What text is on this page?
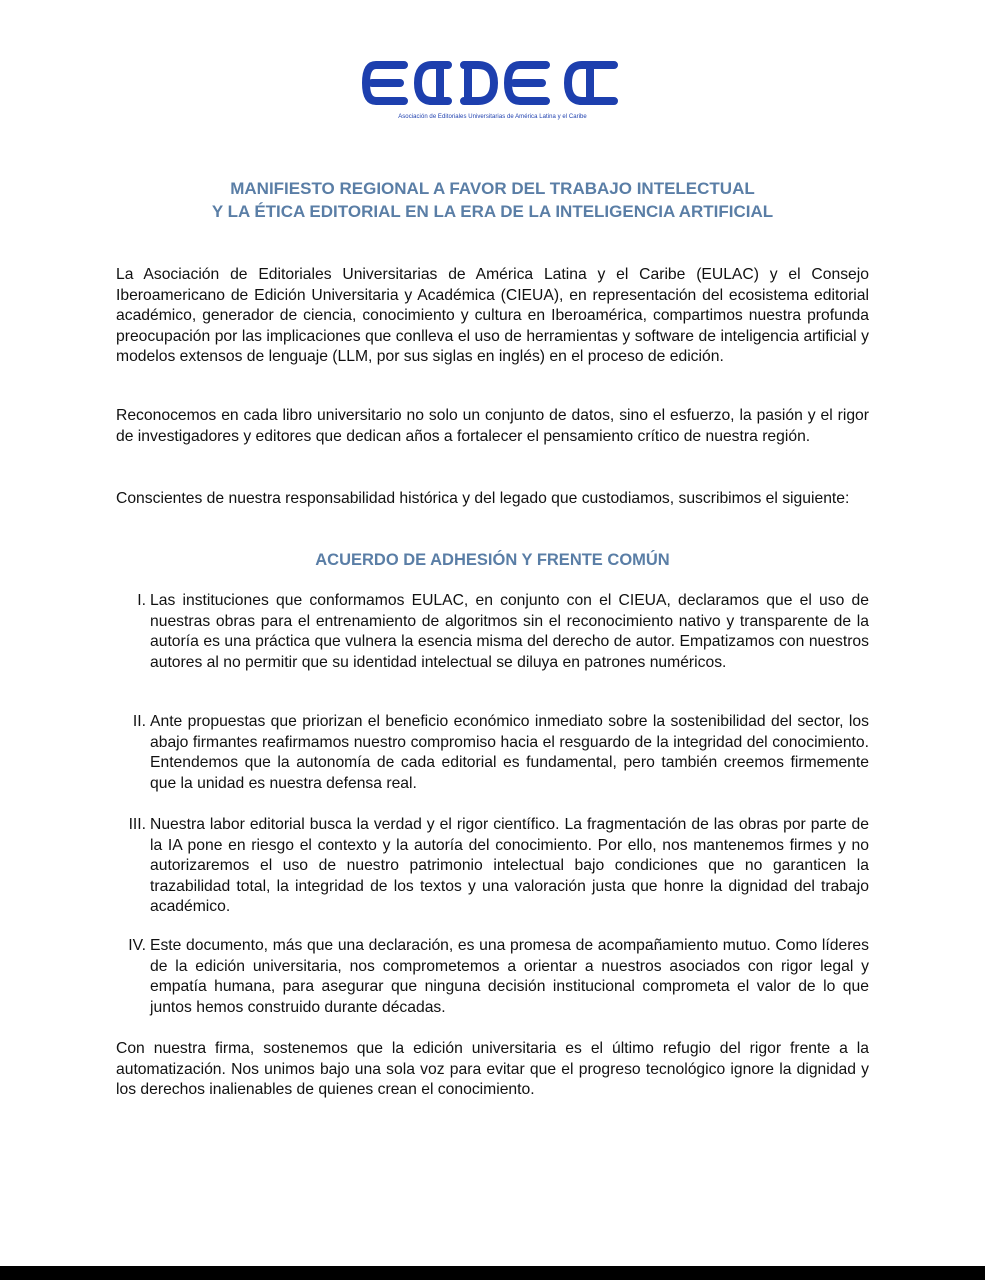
Asociación de Editoriales Universitarias de América Latina y el Caribe
MANIFIESTO REGIONAL A FAVOR DEL TRABAJO INTELECTUAL
Y LA ÉTICA EDITORIAL EN LA ERA DE LA INTELIGENCIA ARTIFICIAL

La Asociación de Editoriales Universitarias de América Latina y el Caribe (EULAC) y el Consejo Iberoamericano de Edición Universitaria y Académica (CIEUA), en representación del ecosistema editorial académico, generador de ciencia, conocimiento y cultura en Iberoamérica, compartimos nuestra profunda preocupación por las implicaciones que conlleva el uso de herramientas y software de inteligencia artificial y modelos extensos de lenguaje (LLM, por sus siglas en inglés) en el proceso de edición.

Reconocemos en cada libro universitario no solo un conjunto de datos, sino el esfuerzo, la pasión y el rigor de investigadores y editores que dedican años a fortalecer el pensamiento crítico de nuestra región.

Conscientes de nuestra responsabilidad histórica y del legado que custodiamos, suscribimos el siguiente:

ACUERDO DE ADHESIÓN Y FRENTE COMÚN
I. Las instituciones que conformamos EULAC, en conjunto con el CIEUA, declaramos que el uso de nuestras obras para el entrenamiento de algoritmos sin el reconocimiento nativo y transparente de la autoría es una práctica que vulnera la esencia misma del derecho de autor. Empatizamos con nuestros autores al no permitir que su identidad intelectual se diluya en patrones numéricos.
II. Ante propuestas que priorizan el beneficio económico inmediato sobre la sostenibilidad del sector, los abajo firmantes reafirmamos nuestro compromiso hacia el resguardo de la integridad del conocimiento. Entendemos que la autonomía de cada editorial es fundamental, pero también creemos firmemente que la unidad es nuestra defensa real.
III. Nuestra labor editorial busca la verdad y el rigor científico. La fragmentación de las obras por parte de la IA pone en riesgo el contexto y la autoría del conocimiento. Por ello, nos mantenemos firmes y no autorizaremos el uso de nuestro patrimonio intelectual bajo condiciones que no garanticen la trazabilidad total, la integridad de los textos y una valoración justa que honre la dignidad del trabajo académico.
IV. Este documento, más que una declaración, es una promesa de acompañamiento mutuo. Como líderes de la edición universitaria, nos comprometemos a orientar a nuestros asociados con rigor legal y empatía humana, para asegurar que ninguna decisión institucional comprometa el valor de lo que juntos hemos construido durante décadas.

Con nuestra firma, sostenemos que la edición universitaria es el último refugio del rigor frente a la automatización. Nos unimos bajo una sola voz para evitar que el progreso tecnológico ignore la dignidad y los derechos inalienables de quienes crean el conocimiento.
